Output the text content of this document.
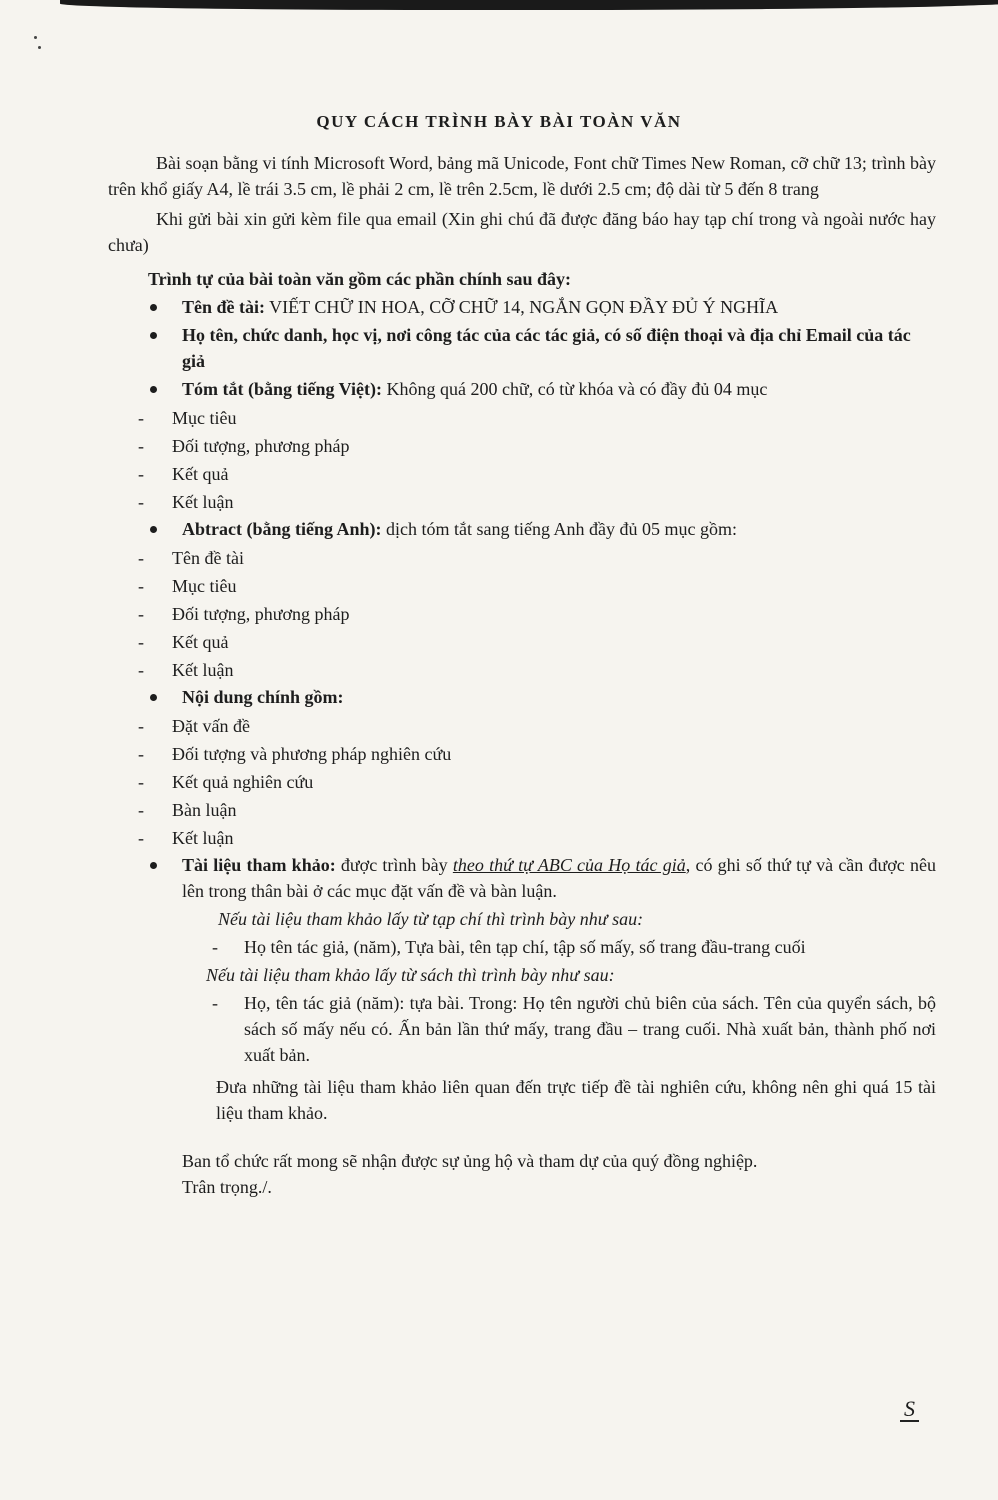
QUY CÁCH TRÌNH BÀY BÀI TOÀN VĂN

Bài soạn bằng vi tính Microsoft Word, bảng mã Unicode, Font chữ Times New Roman, cỡ chữ 13; trình bày trên khổ giấy A4, lề trái 3.5 cm, lề phải 2 cm, lề trên 2.5cm, lề dưới 2.5 cm; độ dài từ 5 đến 8 trang

Khi gửi bài xin gửi kèm file qua email (Xin ghi chú đã được đăng báo hay tạp chí trong và ngoài nước hay chưa)

Trình tự của bài toàn văn gồm các phần chính sau đây:
Tên đề tài: VIẾT CHỮ IN HOA, CỠ CHỮ 14, NGẮN GỌN ĐẦY ĐỦ Ý NGHĨA
Họ tên, chức danh, học vị, nơi công tác của các tác giả, có số điện thoại và địa chỉ Email của tác giả
Tóm tắt (bằng tiếng Việt): Không quá 200 chữ, có từ khóa và có đầy đủ 04 mục
- Mục tiêu
- Đối tượng, phương pháp
- Kết quả
- Kết luận
Abtract (bằng tiếng Anh): dịch tóm tắt sang tiếng Anh đầy đủ 05 mục gồm:
- Tên đề tài
- Mục tiêu
- Đối tượng, phương pháp
- Kết quả
- Kết luận
Nội dung chính gồm:
- Đặt vấn đề
- Đối tượng và phương pháp nghiên cứu
- Kết quả nghiên cứu
- Bàn luận
- Kết luận
Tài liệu tham khảo: được trình bày theo thứ tự ABC của Họ tác giả, có ghi số thứ tự và cần được nêu lên trong thân bài ở các mục đặt vấn đề và bàn luận.
Nếu tài liệu tham khảo lấy từ tạp chí thì trình bày như sau:
- Họ tên tác giả, (năm), Tựa bài, tên tạp chí, tập số mấy, số trang đầu-trang cuối
Nếu tài liệu tham khảo lấy từ sách thì trình bày như sau:
- Họ, tên tác giả (năm): tựa bài. Trong: Họ tên người chủ biên của sách. Tên của quyển sách, bộ sách số mấy nếu có. Ấn bản lần thứ mấy, trang đầu – trang cuối. Nhà xuất bản, thành phố nơi xuất bản.
Đưa những tài liệu tham khảo liên quan đến trực tiếp đề tài nghiên cứu, không nên ghi quá 15 tài liệu tham khảo.
Ban tổ chức rất mong sẽ nhận được sự ủng hộ và tham dự của quý đồng nghiệp.
Trân trọng./.
S
